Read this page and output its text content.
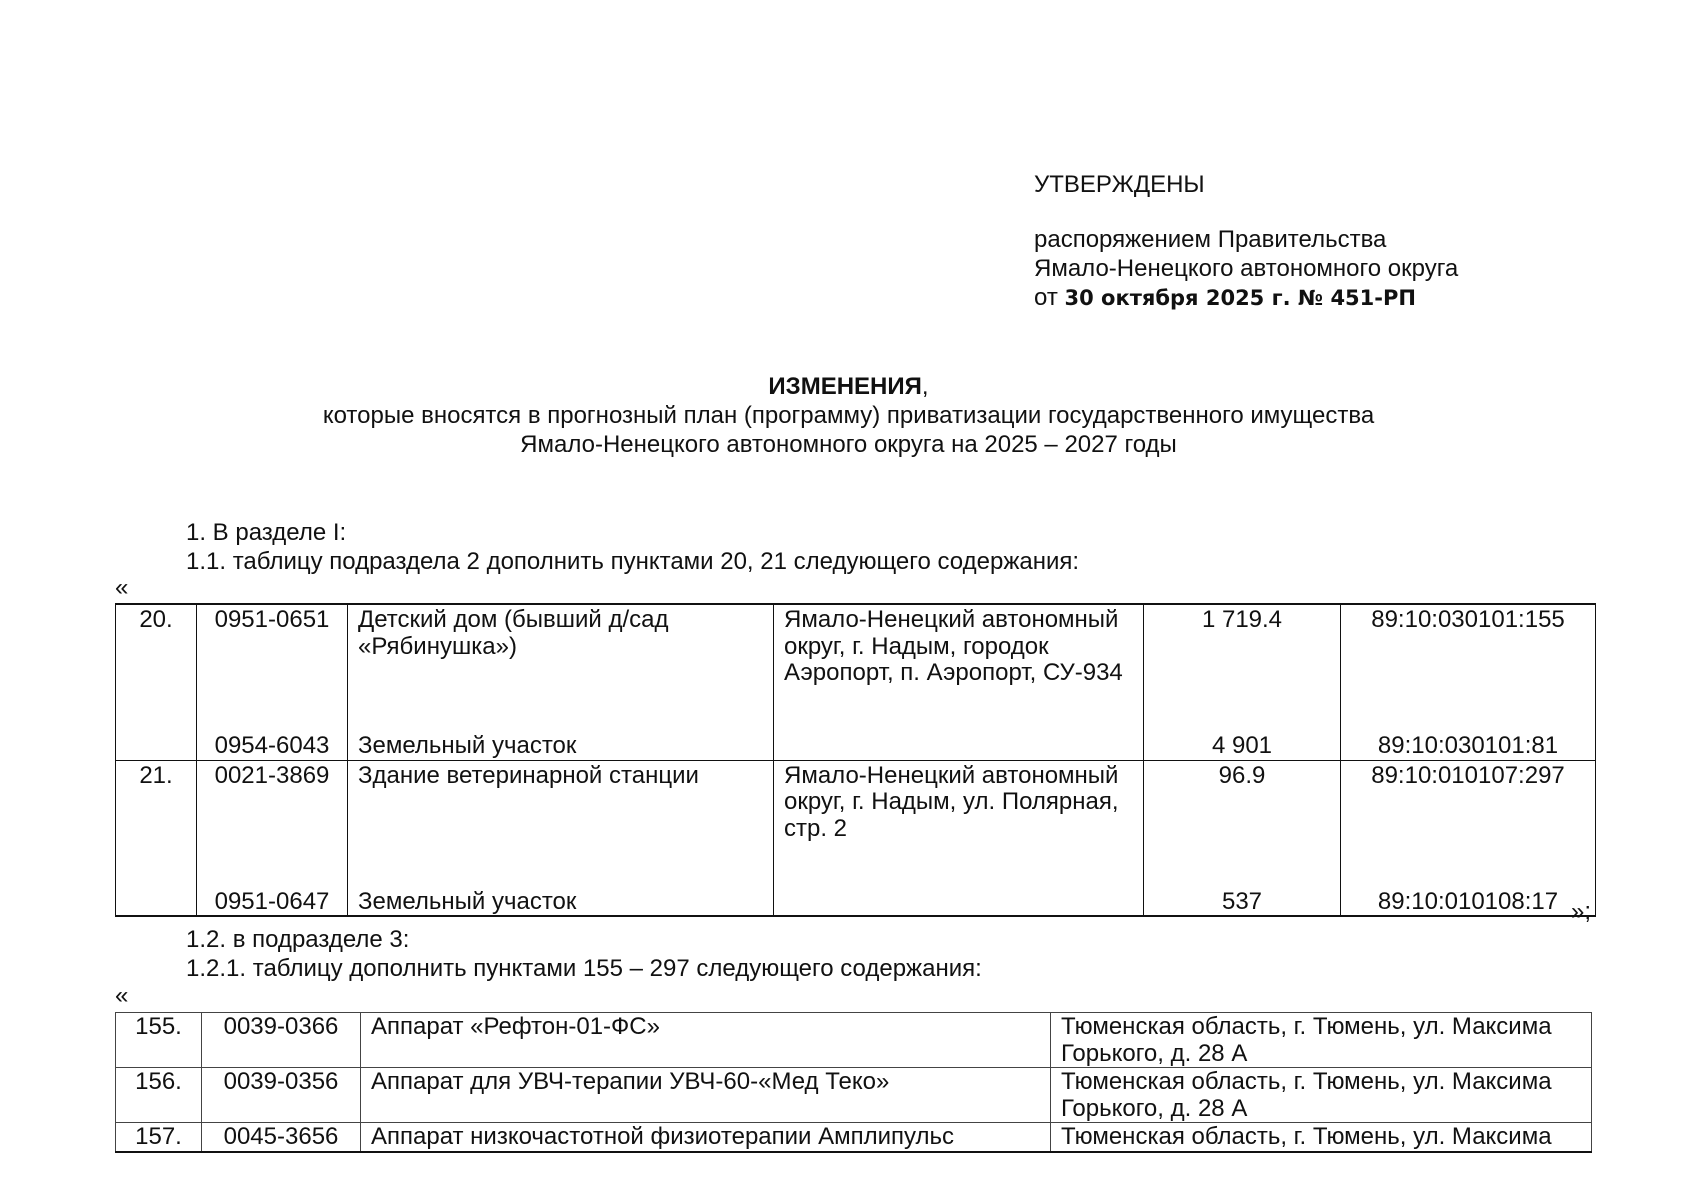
УТВЕРЖДЕНЫ
распоряжением Правительства
Ямало-Ненецкого автономного округа
от 30 октября 2025 г. № 451-РП
ИЗМЕНЕНИЯ,
которые вносятся в прогнозный план (программу) приватизации государственного имущества
Ямало-Ненецкого автономного округа на 2025 – 2027 годы
1. В разделе I:
1.1. таблицу подраздела 2 дополнить пунктами 20, 21 следующего содержания:
«
20.	0951-0651	Детский дом (бывший д/сад «Рябинушка»)	Ямало-Ненецкий автономный округ, г. Надым, городок Аэропорт, п. Аэропорт, СУ-934	1 719.4	89:10:030101:155
	0954-6043	Земельный участок		4 901	89:10:030101:81
21.	0021-3869	Здание ветеринарной станции	Ямало-Ненецкий автономный округ, г. Надым, ул. Полярная, стр. 2	96.9	89:10:010107:297
	0951-0647	Земельный участок		537	89:10:010108:17 »;
1.2. в подразделе 3:
1.2.1. таблицу дополнить пунктами 155 – 297 следующего содержания:
«
155.	0039-0366	Аппарат «Рефтон-01-ФС»	Тюменская область, г. Тюмень, ул. Максима Горького, д. 28 А
156.	0039-0356	Аппарат для УВЧ-терапии УВЧ-60-«Мед Теко»	Тюменская область, г. Тюмень, ул. Максима Горького, д. 28 А
157.	0045-3656	Аппарат низкочастотной физиотерапии Амплипульс	Тюменская область, г. Тюмень, ул. Максима
